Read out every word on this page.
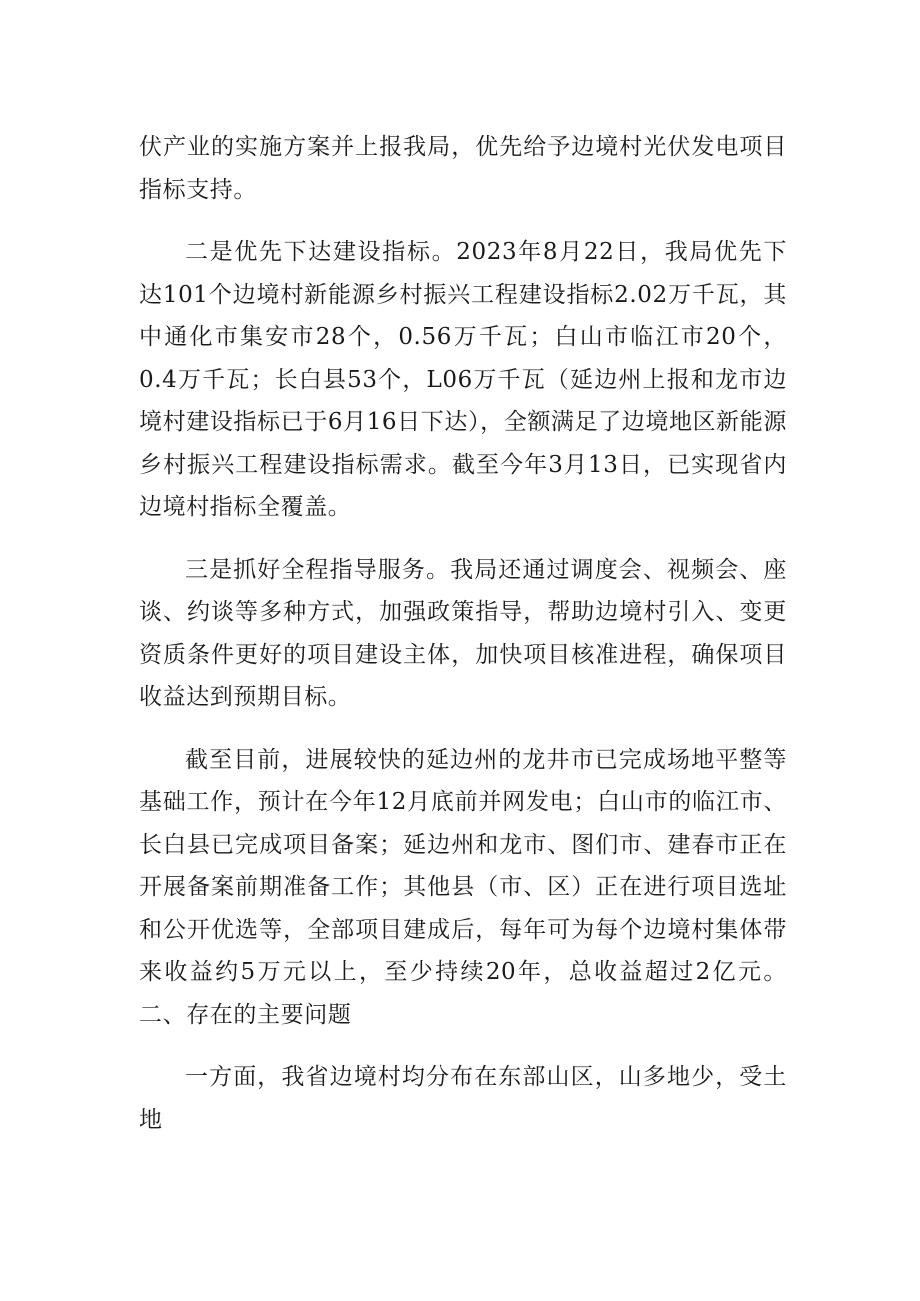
伏产业的实施方案并上报我局，优先给予边境村光伏发电项目指标支持。

二是优先下达建设指标。2023年8月22日，我局优先下达101个边境村新能源乡村振兴工程建设指标2.02万千瓦，其中通化市集安市28个，0.56万千瓦；白山市临江市20个，0.4万千瓦；长白县53个，L06万千瓦（延边州上报和龙市边境村建设指标已于6月16日下达），全额满足了边境地区新能源乡村振兴工程建设指标需求。截至今年3月13日，已实现省内边境村指标全覆盖。

三是抓好全程指导服务。我局还通过调度会、视频会、座谈、约谈等多种方式，加强政策指导，帮助边境村引入、变更资质条件更好的项目建设主体，加快项目核准进程，确保项目收益达到预期目标。

截至目前，进展较快的延边州的龙井市已完成场地平整等基础工作，预计在今年12月底前并网发电；白山市的临江市、长白县已完成项目备案；延边州和龙市、图们市、建春市正在开展备案前期准备工作；其他县（市、区）正在进行项目选址和公开优选等，全部项目建成后，每年可为每个边境村集体带来收益约5万元以上，至少持续20年，总收益超过2亿元。二、存在的主要问题

一方面，我省边境村均分布在东部山区，山多地少，受土地
